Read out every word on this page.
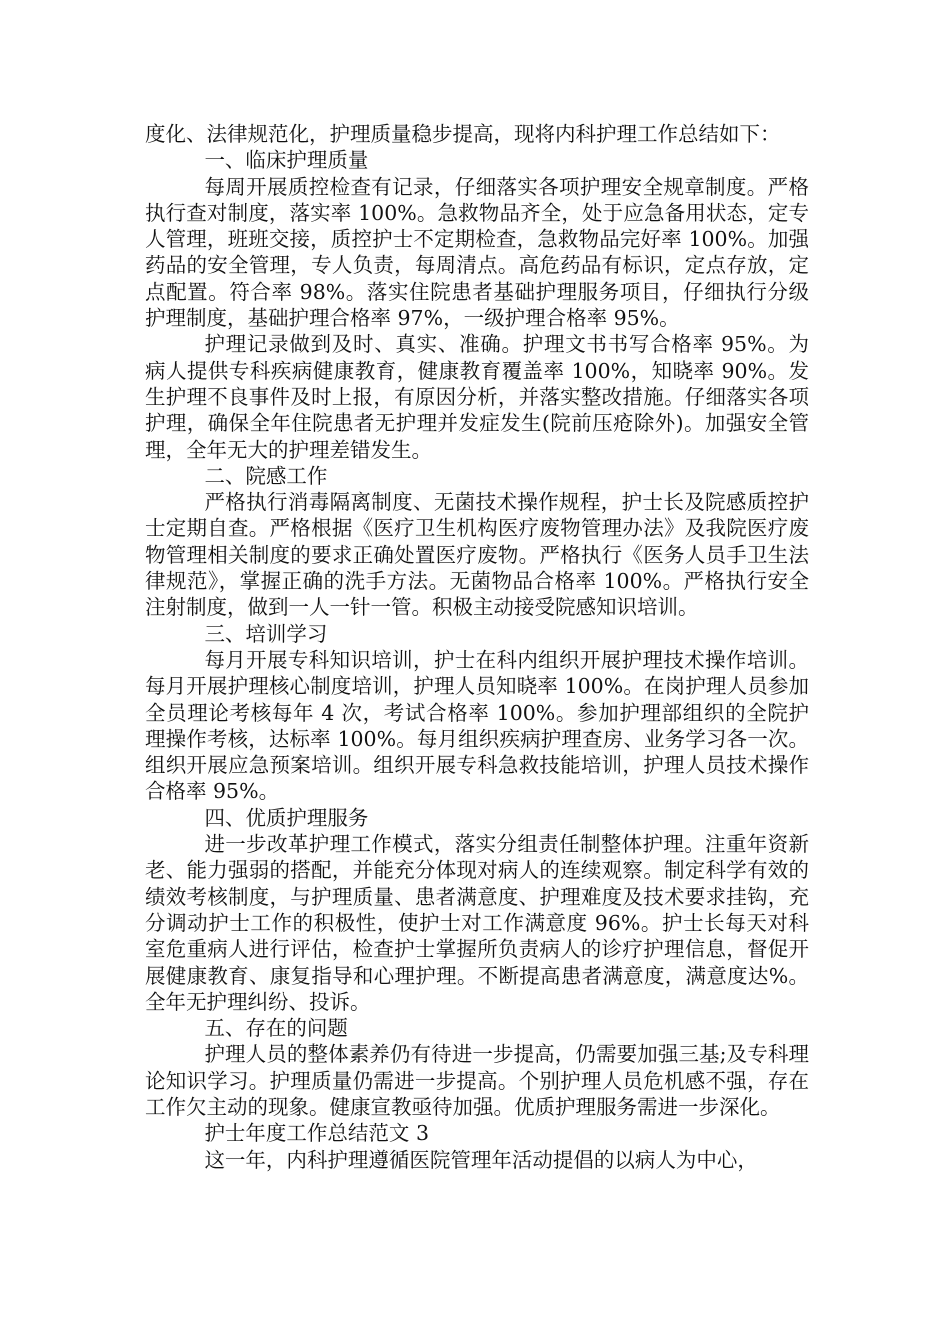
度化、法律规范化，护理质量稳步提高，现将内科护理工作总结如下：

一、临床护理质量

每周开展质控检查有记录，仔细落实各项护理安全规章制度。严格执行查对制度，落实率 100%。急救物品齐全，处于应急备用状态，定专人管理，班班交接，质控护士不定期检查，急救物品完好率 100%。加强药品的安全管理，专人负责，每周清点。高危药品有标识，定点存放，定点配置。符合率 98%。落实住院患者基础护理服务项目，仔细执行分级护理制度，基础护理合格率 97%，一级护理合格率 95%。

护理记录做到及时、真实、准确。护理文书书写合格率 95%。为病人提供专科疾病健康教育，健康教育覆盖率 100%，知晓率 90%。发生护理不良事件及时上报，有原因分析，并落实整改措施。仔细落实各项护理，确保全年住院患者无护理并发症发生(院前压疮除外)。加强安全管理，全年无大的护理差错发生。

二、院感工作

严格执行消毒隔离制度、无菌技术操作规程，护士长及院感质控护士定期自查。严格根据《医疗卫生机构医疗废物管理办法》及我院医疗废物管理相关制度的要求正确处置医疗废物。严格执行《医务人员手卫生法律规范》，掌握正确的洗手方法。无菌物品合格率 100%。严格执行安全注射制度，做到一人一针一管。积极主动接受院感知识培训。

三、培训学习

每月开展专科知识培训，护士在科内组织开展护理技术操作培训。每月开展护理核心制度培训，护理人员知晓率 100%。在岗护理人员参加全员理论考核每年 4 次，考试合格率 100%。参加护理部组织的全院护理操作考核，达标率 100%。每月组织疾病护理查房、业务学习各一次。组织开展应急预案培训。组织开展专科急救技能培训，护理人员技术操作合格率 95%。

四、优质护理服务

进一步改革护理工作模式，落实分组责任制整体护理。注重年资新老、能力强弱的搭配，并能充分体现对病人的连续观察。制定科学有效的绩效考核制度，与护理质量、患者满意度、护理难度及技术要求挂钩，充分调动护士工作的积极性，使护士对工作满意度 96%。护士长每天对科室危重病人进行评估，检查护士掌握所负责病人的诊疗护理信息，督促开展健康教育、康复指导和心理护理。不断提高患者满意度，满意度达%。全年无护理纠纷、投诉。

五、存在的问题

护理人员的整体素养仍有待进一步提高，仍需要加强三基;及专科理论知识学习。护理质量仍需进一步提高。个别护理人员危机感不强，存在工作欠主动的现象。健康宣教亟待加强。优质护理服务需进一步深化。

护士年度工作总结范文 3

这一年，内科护理遵循医院管理年活动提倡的以病人为中心，
